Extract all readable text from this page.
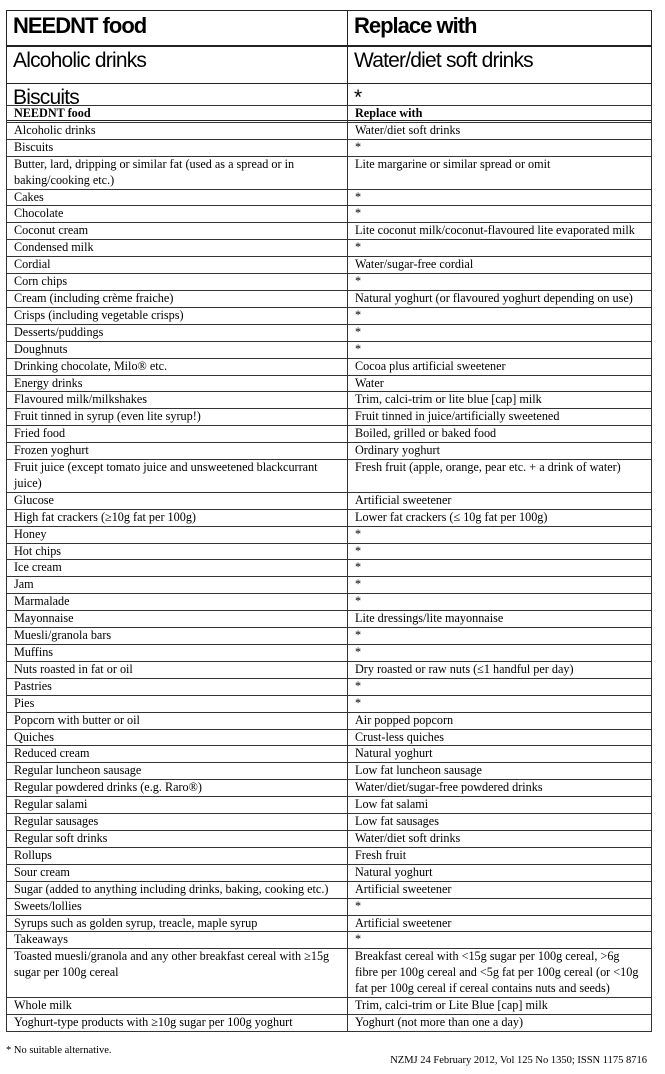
NEEDNT food	Replace with
Alcoholic drinks	Water/diet soft drinks
Biscuits	*
NEEDNT food	Replace with
Alcoholic drinks	Water/diet soft drinks
Biscuits	*
Butter, lard, dripping or similar fat (used as a spread or in baking/cooking etc.)	Lite margarine or similar spread or omit
Cakes	*
Chocolate	*
Coconut cream	Lite coconut milk/coconut-flavoured lite evaporated milk
Condensed milk	*
Cordial	Water/sugar-free cordial
Corn chips	*
Cream (including crème fraiche)	Natural yoghurt (or flavoured yoghurt depending on use)
Crisps (including vegetable crisps)	*
Desserts/puddings	*
Doughnuts	*
Drinking chocolate, Milo® etc.	Cocoa plus artificial sweetener
Energy drinks	Water
Flavoured milk/milkshakes	Trim, calci-trim or lite blue [cap] milk
Fruit tinned in syrup (even lite syrup!)	Fruit tinned in juice/artificially sweetened
Fried food	Boiled, grilled or baked food
Frozen yoghurt	Ordinary yoghurt
Fruit juice (except tomato juice and unsweetened blackcurrant juice)	Fresh fruit (apple, orange, pear etc. + a drink of water)
Glucose	Artificial sweetener
High fat crackers (≥10g fat per 100g)	Lower fat crackers (≤ 10g fat per 100g)
Honey	*
Hot chips	*
Ice cream	*
Jam	*
Marmalade	*
Mayonnaise	Lite dressings/lite mayonnaise
Muesli/granola bars	*
Muffins	*
Nuts roasted in fat or oil	Dry roasted or raw nuts (≤1 handful per day)
Pastries	*
Pies	*
Popcorn with butter or oil	Air popped popcorn
Quiches	Crust-less quiches
Reduced cream	Natural yoghurt
Regular luncheon sausage	Low fat luncheon sausage
Regular powdered drinks (e.g. Raro®)	Water/diet/sugar-free powdered drinks
Regular salami	Low fat salami
Regular sausages	Low fat sausages
Regular soft drinks	Water/diet soft drinks
Rollups	Fresh fruit
Sour cream	Natural yoghurt
Sugar (added to anything including drinks, baking, cooking etc.)	Artificial sweetener
Sweets/lollies	*
Syrups such as golden syrup, treacle, maple syrup	Artificial sweetener
Takeaways	*
Toasted muesli/granola and any other breakfast cereal with ≥15g sugar per 100g cereal	Breakfast cereal with <15g sugar per 100g cereal, >6g fibre per 100g cereal and <5g fat per 100g cereal (or <10g fat per 100g cereal if cereal contains nuts and seeds)
Whole milk	Trim, calci-trim or Lite Blue [cap] milk
Yoghurt-type products with ≥10g sugar per 100g yoghurt	Yoghurt (not more than one a day)
* No suitable alternative.
NZMJ 24 February 2012, Vol 125 No 1350; ISSN 1175 8716
